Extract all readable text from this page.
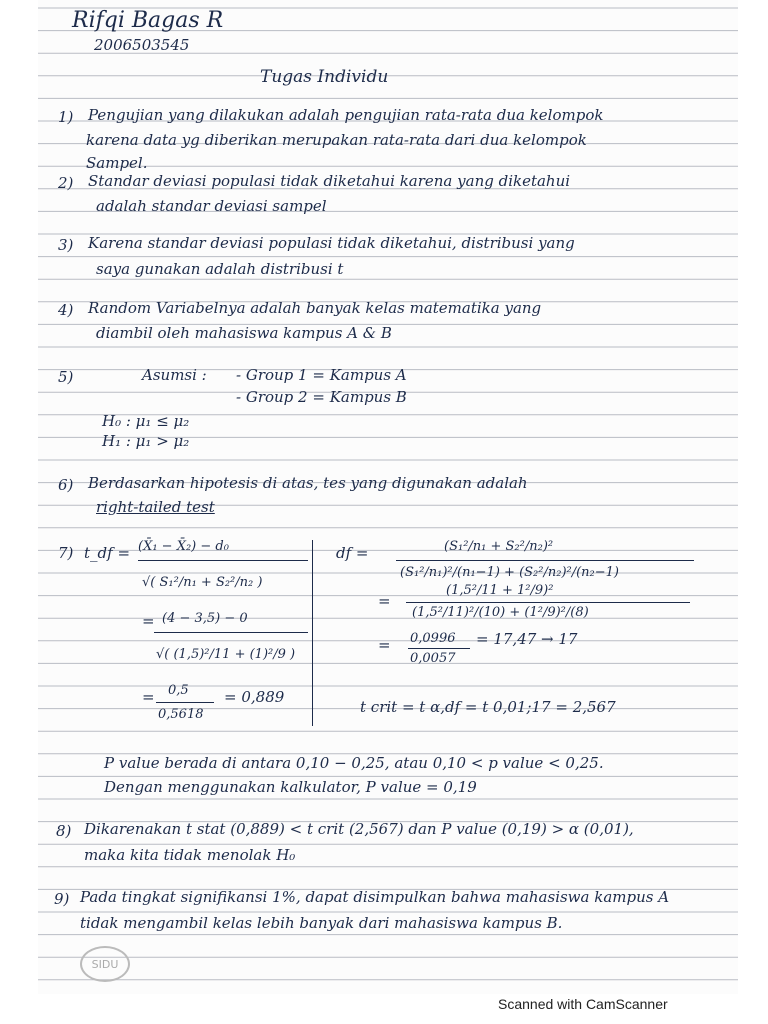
Rifqi Bagas R
2006503545
Tugas Individu
1) Pengujian yang dilakukan adalah pengujian rata-rata dua kelompok
karena data yg diberikan merupakan rata-rata dari dua kelompok
Sampel.
2) Standar deviasi populasi tidak diketahui karena yang diketahui
adalah standar deviasi sampel
3) Karena standar deviasi populasi tidak diketahui, distribusi yang
saya gunakan adalah distribusi t
4) Random Variabelnya adalah banyak kelas matematika yang
diambil oleh mahasiswa kampus A & B
5)	Asumsi : - Group 1 = Kampus A
- Group 2 = Kampus B
H₀ : μ₁ ≤ μ₂
H₁ : μ₁ > μ₂
6) Berdasarkan hipotesis di atas, tes yang digunakan adalah
right-tailed test
7) t_df = (X̄₁ − X̄₂) − d₀
√( S₁²/n₁ + S₂²/n₂ )
= (4 − 3,5) − 0
√( (1,5)²/11 + (1)²/9 )
= 0,5
0,5618
= 0,889
df =	(S₁²/n₁ + S₂²/n₂)²
(S₁²/n₁)²/(n₁−1) + (S₂²/n₂)²/(n₂−1)
=
(1,5²/11 + 1²/9)²
(1,5²/11)²/(10) + (1²/9)²/(8)
= 0,0996
0,0057
= 17,47 → 17
t crit = t α,df = t 0,01;17 = 2,567
P value berada di antara 0,10 − 0,25, atau 0,10 < p value < 0,25.
Dengan menggunakan kalkulator, P value = 0,19
8) Dikarenakan t stat (0,889) < t crit (2,567) dan P value (0,19) > α (0,01),
maka kita tidak menolak H₀
9) Pada tingkat signifikansi 1%, dapat disimpulkan bahwa mahasiswa kampus A
tidak mengambil kelas lebih banyak dari mahasiswa kampus B.
SIDU
Scanned with CamScanner
